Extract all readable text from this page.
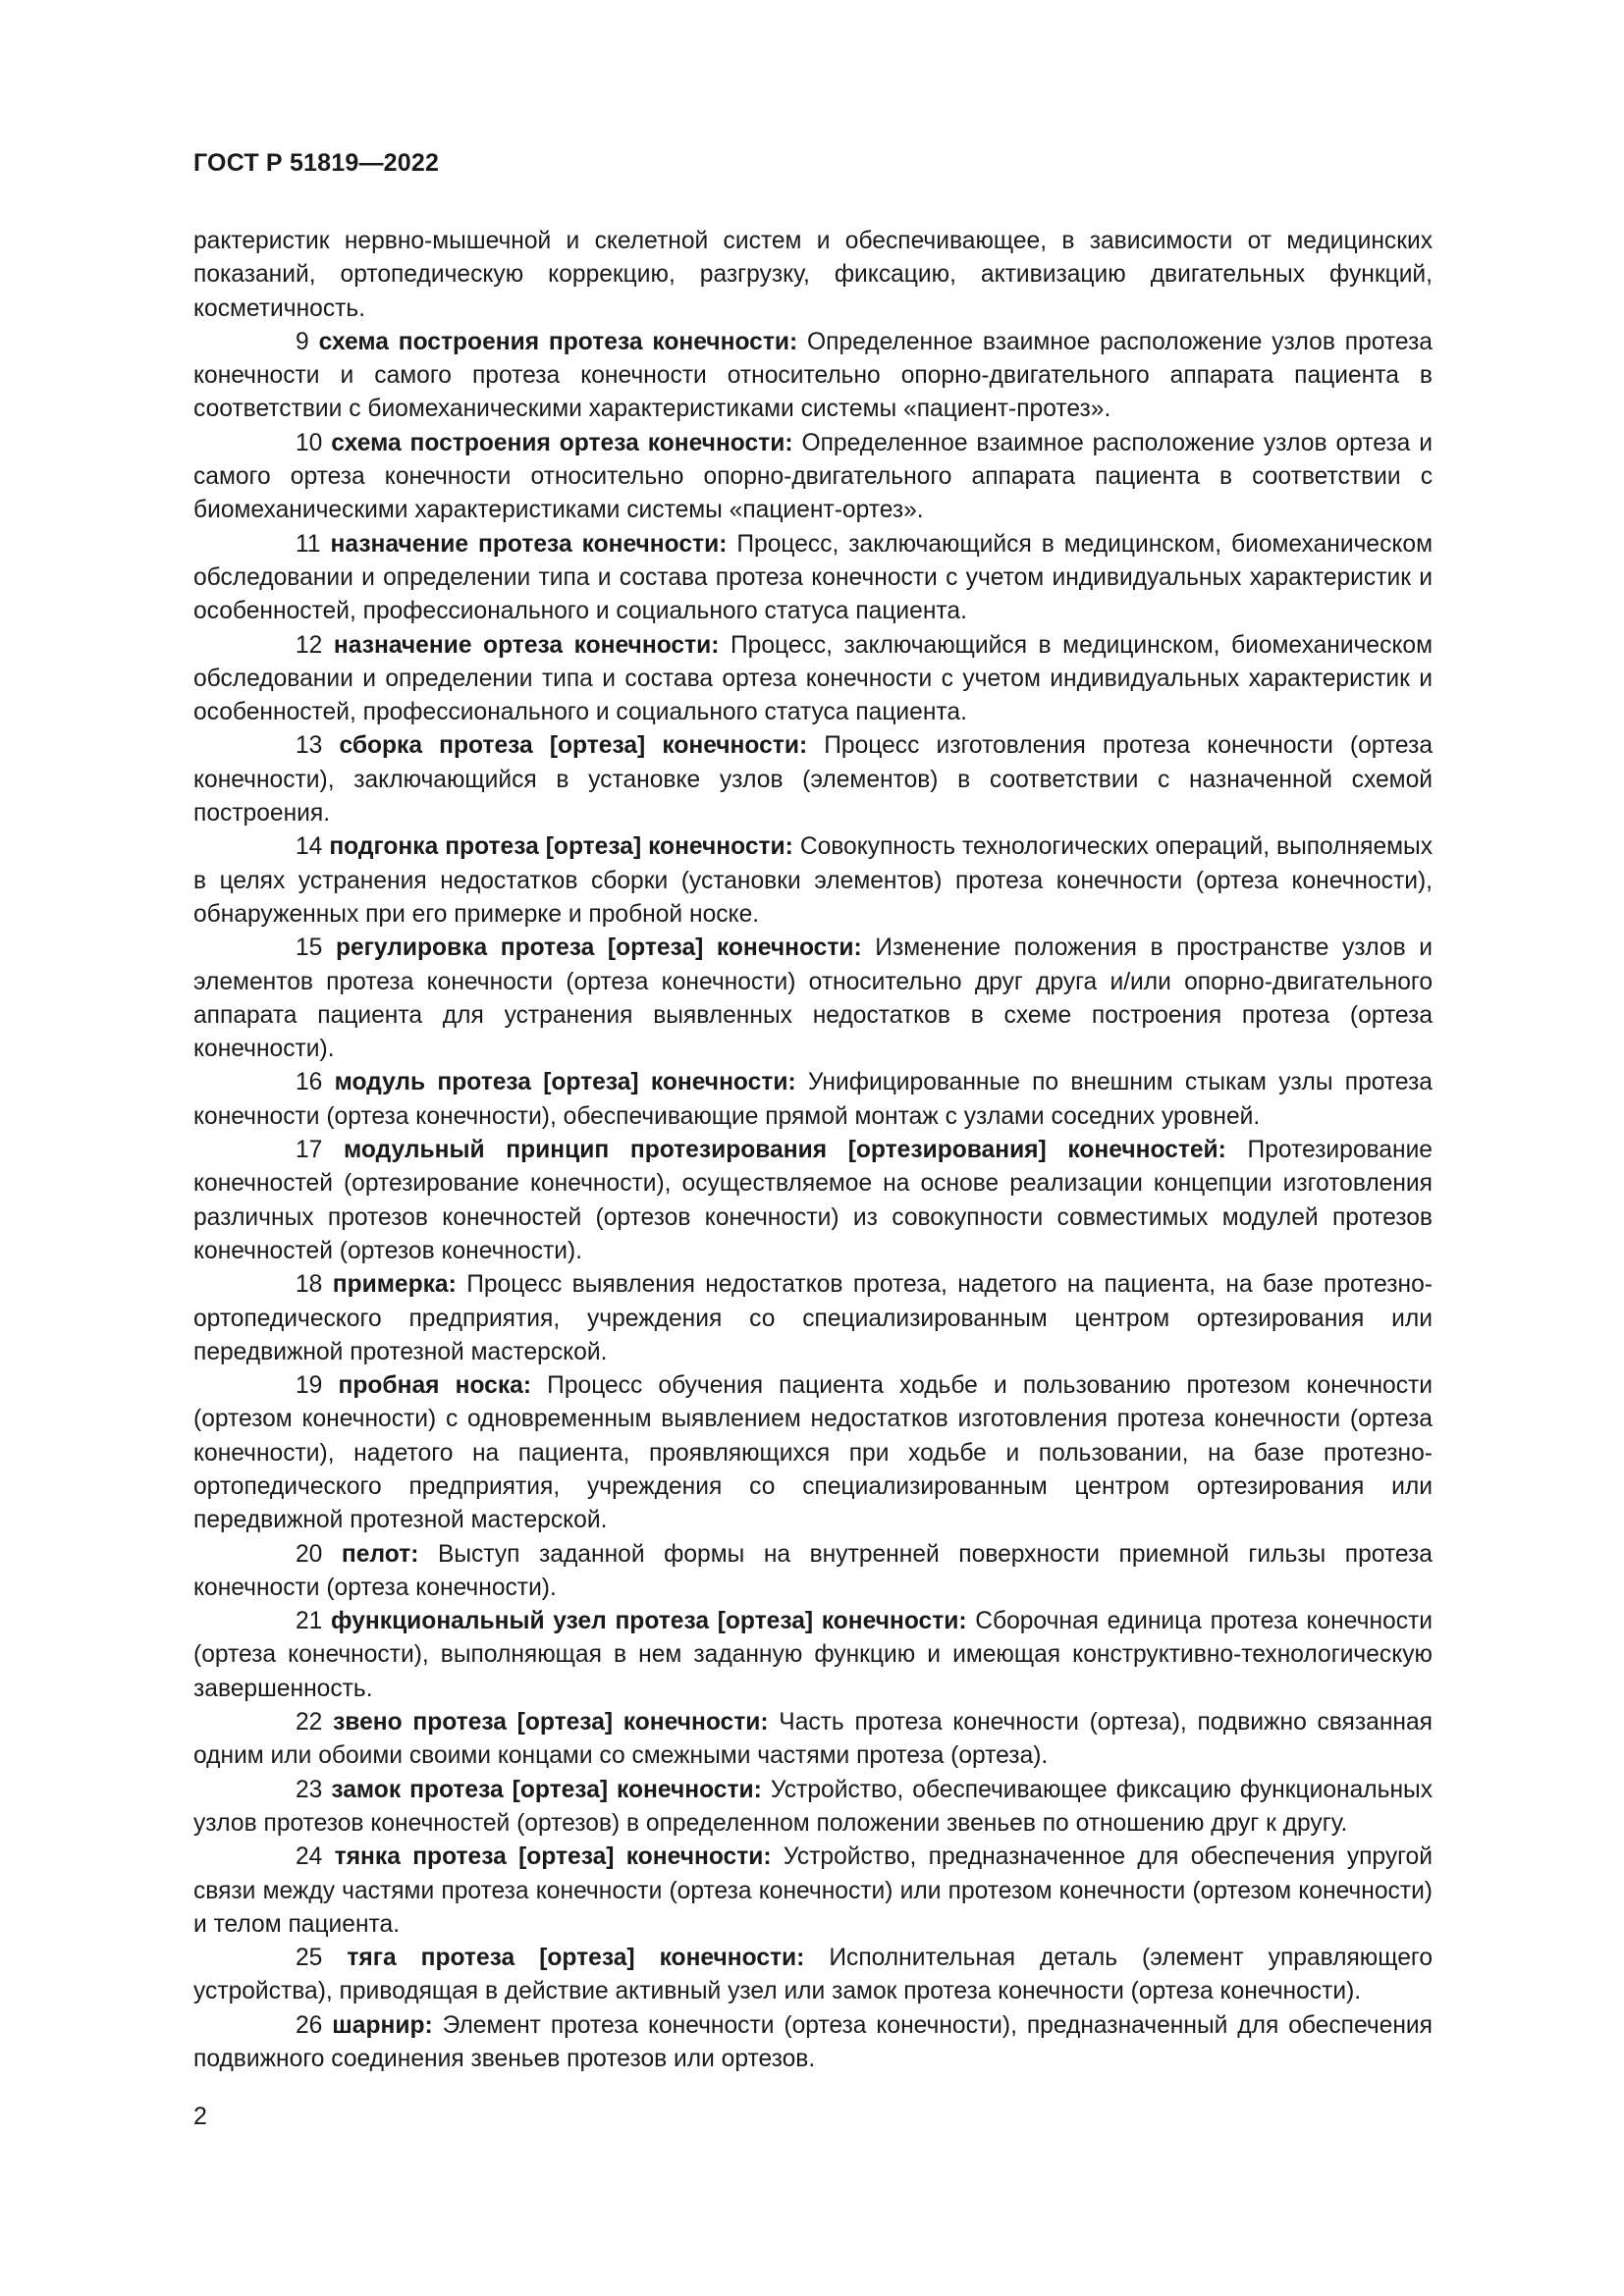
ГОСТ Р 51819—2022

рактеристик нервно-мышечной и скелетной систем и обеспечивающее, в зависимости от медицинских показаний, ортопедическую коррекцию, разгрузку, фиксацию, активизацию двигательных функций, косметичность.

9 схема построения протеза конечности: Определенное взаимное расположение узлов протеза конечности и самого протеза конечности относительно опорно-двигательного аппарата пациента в соответствии с биомеханическими характеристиками системы «пациент-протез».

10 схема построения ортеза конечности: Определенное взаимное расположение узлов ортеза и самого ортеза конечности относительно опорно-двигательного аппарата пациента в соответствии с биомеханическими характеристиками системы «пациент-ортез».

11 назначение протеза конечности: Процесс, заключающийся в медицинском, биомеханическом обследовании и определении типа и состава протеза конечности с учетом индивидуальных характеристик и особенностей, профессионального и социального статуса пациента.

12 назначение ортеза конечности: Процесс, заключающийся в медицинском, биомеханическом обследовании и определении типа и состава ортеза конечности с учетом индивидуальных характеристик и особенностей, профессионального и социального статуса пациента.

13 сборка протеза [ортеза] конечности: Процесс изготовления протеза конечности (ортеза конечности), заключающийся в установке узлов (элементов) в соответствии с назначенной схемой построения.

14 подгонка протеза [ортеза] конечности: Совокупность технологических операций, выполняемых в целях устранения недостатков сборки (установки элементов) протеза конечности (ортеза конечности), обнаруженных при его примерке и пробной носке.

15 регулировка протеза [ортеза] конечности: Изменение положения в пространстве узлов и элементов протеза конечности (ортеза конечности) относительно друг друга и/или опорно-двигательного аппарата пациента для устранения выявленных недостатков в схеме построения протеза (ортеза конечности).

16 модуль протеза [ортеза] конечности: Унифицированные по внешним стыкам узлы протеза конечности (ортеза конечности), обеспечивающие прямой монтаж с узлами соседних уровней.

17 модульный принцип протезирования [ортезирования] конечностей: Протезирование конечностей (ортезирование конечности), осуществляемое на основе реализации концепции изготовления различных протезов конечностей (ортезов конечности) из совокупности совместимых модулей протезов конечностей (ортезов конечности).

18 примерка: Процесс выявления недостатков протеза, надетого на пациента, на базе протезно-ортопедического предприятия, учреждения со специализированным центром ортезирования или передвижной протезной мастерской.

19 пробная носка: Процесс обучения пациента ходьбе и пользованию протезом конечности (ортезом конечности) с одновременным выявлением недостатков изготовления протеза конечности (ортеза конечности), надетого на пациента, проявляющихся при ходьбе и пользовании, на базе протезно-ортопедического предприятия, учреждения со специализированным центром ортезирования или передвижной протезной мастерской.

20 пелот: Выступ заданной формы на внутренней поверхности приемной гильзы протеза конечности (ортеза конечности).

21 функциональный узел протеза [ортеза] конечности: Сборочная единица протеза конечности (ортеза конечности), выполняющая в нем заданную функцию и имеющая конструктивно-технологическую завершенность.

22 звено протеза [ортеза] конечности: Часть протеза конечности (ортеза), подвижно связанная одним или обоими своими концами со смежными частями протеза (ортеза).

23 замок протеза [ортеза] конечности: Устройство, обеспечивающее фиксацию функциональных узлов протезов конечностей (ортезов) в определенном положении звеньев по отношению друг к другу.

24 тянка протеза [ортеза] конечности: Устройство, предназначенное для обеспечения упругой связи между частями протеза конечности (ортеза конечности) или протезом конечности (ортезом конечности) и телом пациента.

25 тяга протеза [ортеза] конечности: Исполнительная деталь (элемент управляющего устройства), приводящая в действие активный узел или замок протеза конечности (ортеза конечности).

26 шарнир: Элемент протеза конечности (ортеза конечности), предназначенный для обеспечения подвижного соединения звеньев протезов или ортезов.

2
